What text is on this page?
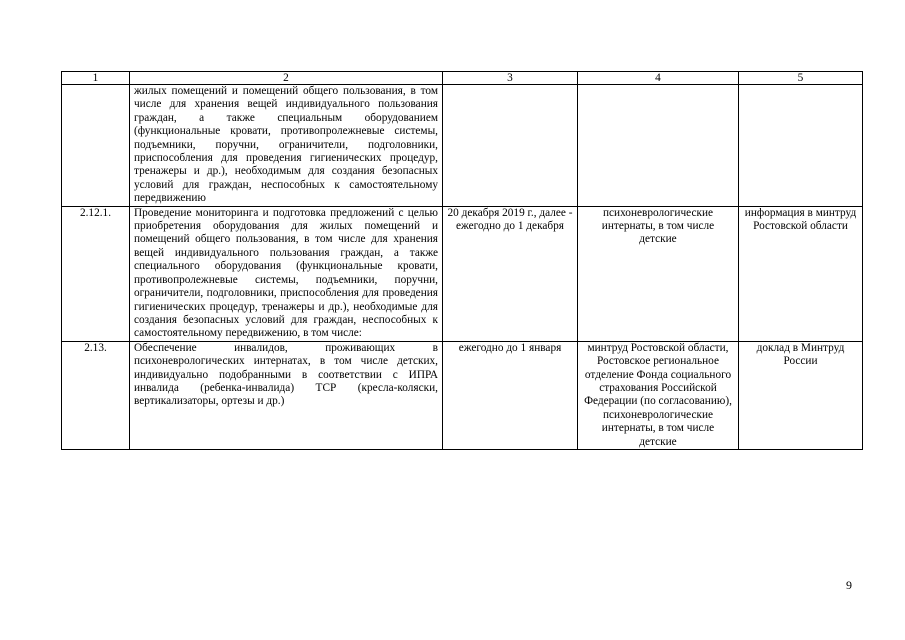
1	2	3	4	5
	жилых помещений и помещений общего пользования, в том числе для хранения вещей индивидуального пользования граждан, а также специальным оборудованием (функциональные кровати, противопролежневые системы, подъемники, поручни, ограничители, подголовники, приспособления для проведения гигиенических процедур, тренажеры и др.), необходимым для создания безопасных условий для граждан, неспособных к самостоятельному передвижению			
2.12.1.	Проведение мониторинга и подготовка предложений с целью приобретения оборудования для жилых помещений и помещений общего пользования, в том числе для хранения вещей индивидуального пользования граждан, а также специального оборудования (функциональные кровати, противопролежневые системы, подъемники, поручни, ограничители, подголовники, приспособления для проведения гигиенических процедур, тренажеры и др.), необходимые для создания безопасных условий для граждан, неспособных к самостоятельному передвижению, в том числе:	20 декабря 2019 г., далее - ежегодно до 1 декабря	психоневрологические интернаты, в том числе детские	информация в минтруд Ростовской области
2.13.	Обеспечение инвалидов, проживающих в психоневрологических интернатах, в том числе детских, индивидуально подобранными в соответствии с ИПРА инвалида (ребенка-инвалида) ТСР (кресла-коляски, вертикализаторы, ортезы и др.)	ежегодно до 1 января	минтруд Ростовской области, Ростовское региональное отделение Фонда социального страхования Российской Федерации (по согласованию), психоневрологические интернаты, в том числе детские	доклад в Минтруд России
9
